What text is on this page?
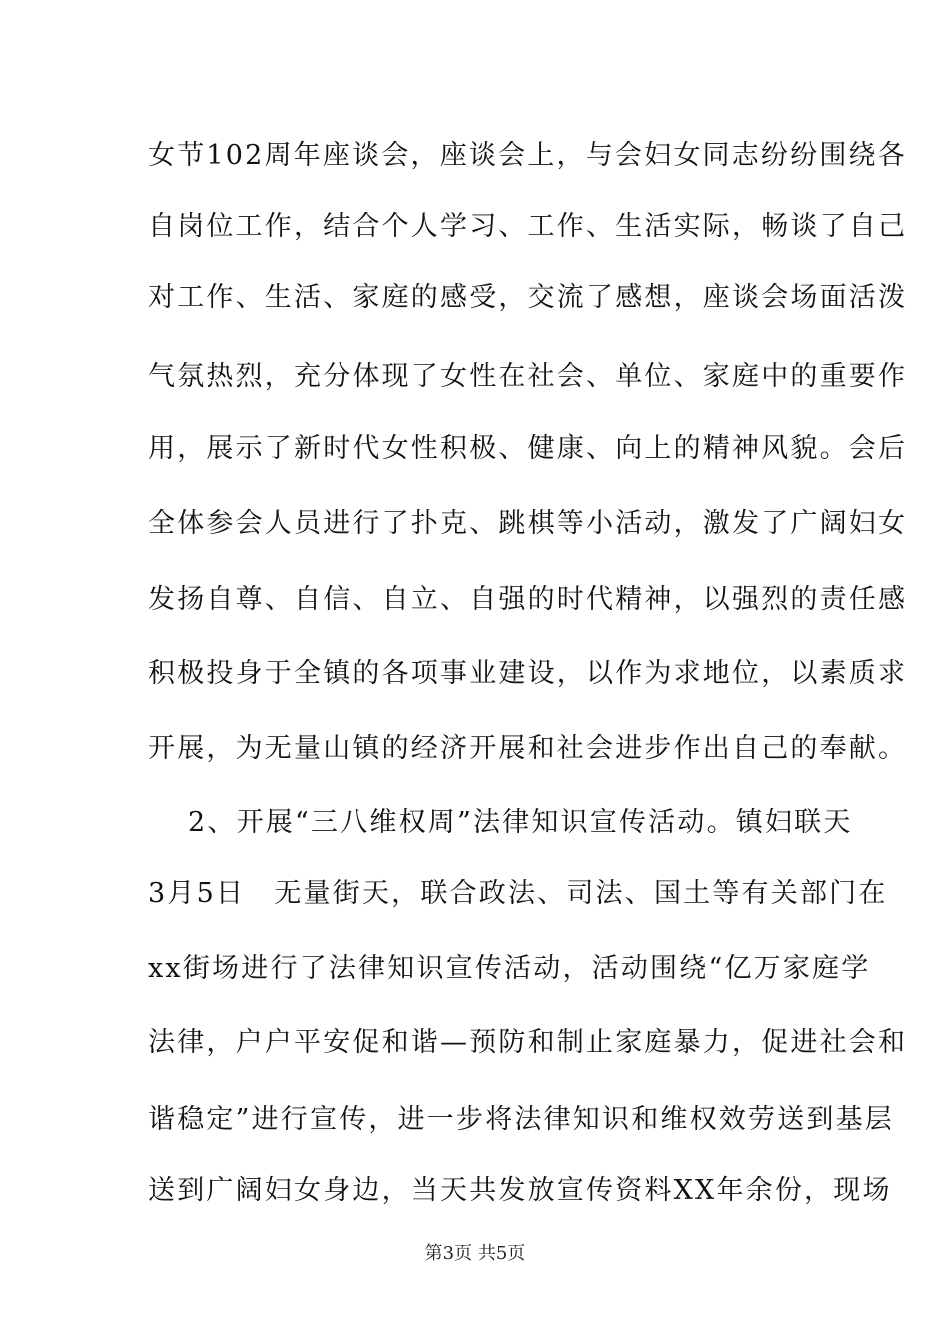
女节102周年座谈会，座谈会上，与会妇女同志纷纷围绕各
自岗位工作，结合个人学习、工作、生活实际，畅谈了自己
对工作、生活、家庭的感受，交流了感想，座谈会场面活泼
气氛热烈，充分体现了女性在社会、单位、家庭中的重要作
用，展示了新时代女性积极、健康、向上的精神风貌。会后
全体参会人员进行了扑克、跳棋等小活动，激发了广阔妇女
发扬自尊、自信、自立、自强的时代精神，以强烈的责任感
积极投身于全镇的各项事业建设，以作为求地位，以素质求
开展，为无量山镇的经济开展和社会进步作出自己的奉献。
2、开展“三八维权周”法律知识宣传活动。镇妇联天
3月5日　无量街天，联合政法、司法、国土等有关部门在
xx街场进行了法律知识宣传活动，活动围绕“亿万家庭学
法律，户户平安促和谐—预防和制止家庭暴力，促进社会和
谐稳定”进行宣传，进一步将法律知识和维权效劳送到基层
送到广阔妇女身边，当天共发放宣传资料XX年余份，现场
第3页 共5页
